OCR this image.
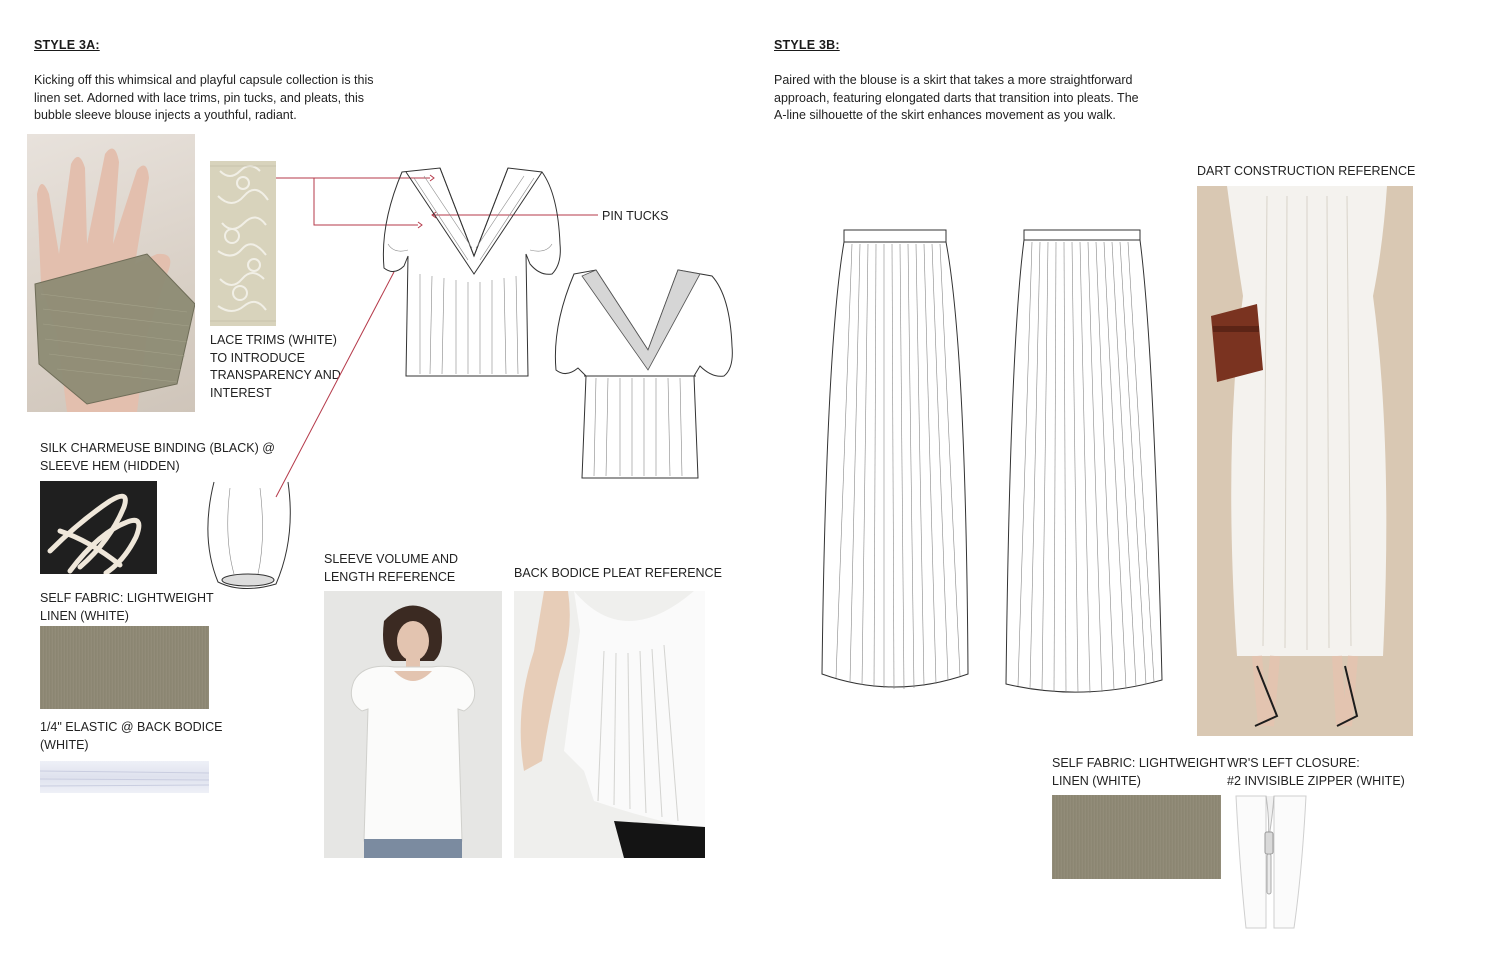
STYLE 3A:
Kicking off this whimsical and playful capsule collection is this linen set. Adorned with lace trims, pin tucks, and pleats, this bubble sleeve blouse injects a youthful, radiant.
LACE TRIMS (WHITE)
TO INTRODUCE
TRANSPARENCY AND
INTEREST
PIN TUCKS
SILK CHARMEUSE BINDING (BLACK) @
SLEEVE HEM (HIDDEN)
SELF FABRIC: LIGHTWEIGHT
LINEN (WHITE)
1/4" ELASTIC @ BACK BODICE
(WHITE)
SLEEVE VOLUME AND
LENGTH REFERENCE	BACK BODICE PLEAT REFERENCE
STYLE 3B:
Paired with the blouse is a skirt that takes a more straightforward approach, featuring elongated darts that transition into pleats. The A-line silhouette of the skirt enhances movement as you walk.
DART CONSTRUCTION REFERENCE
SELF FABRIC: LIGHTWEIGHT
LINEN (WHITE)
WR'S LEFT CLOSURE:
#2 INVISIBLE ZIPPER (WHITE)
